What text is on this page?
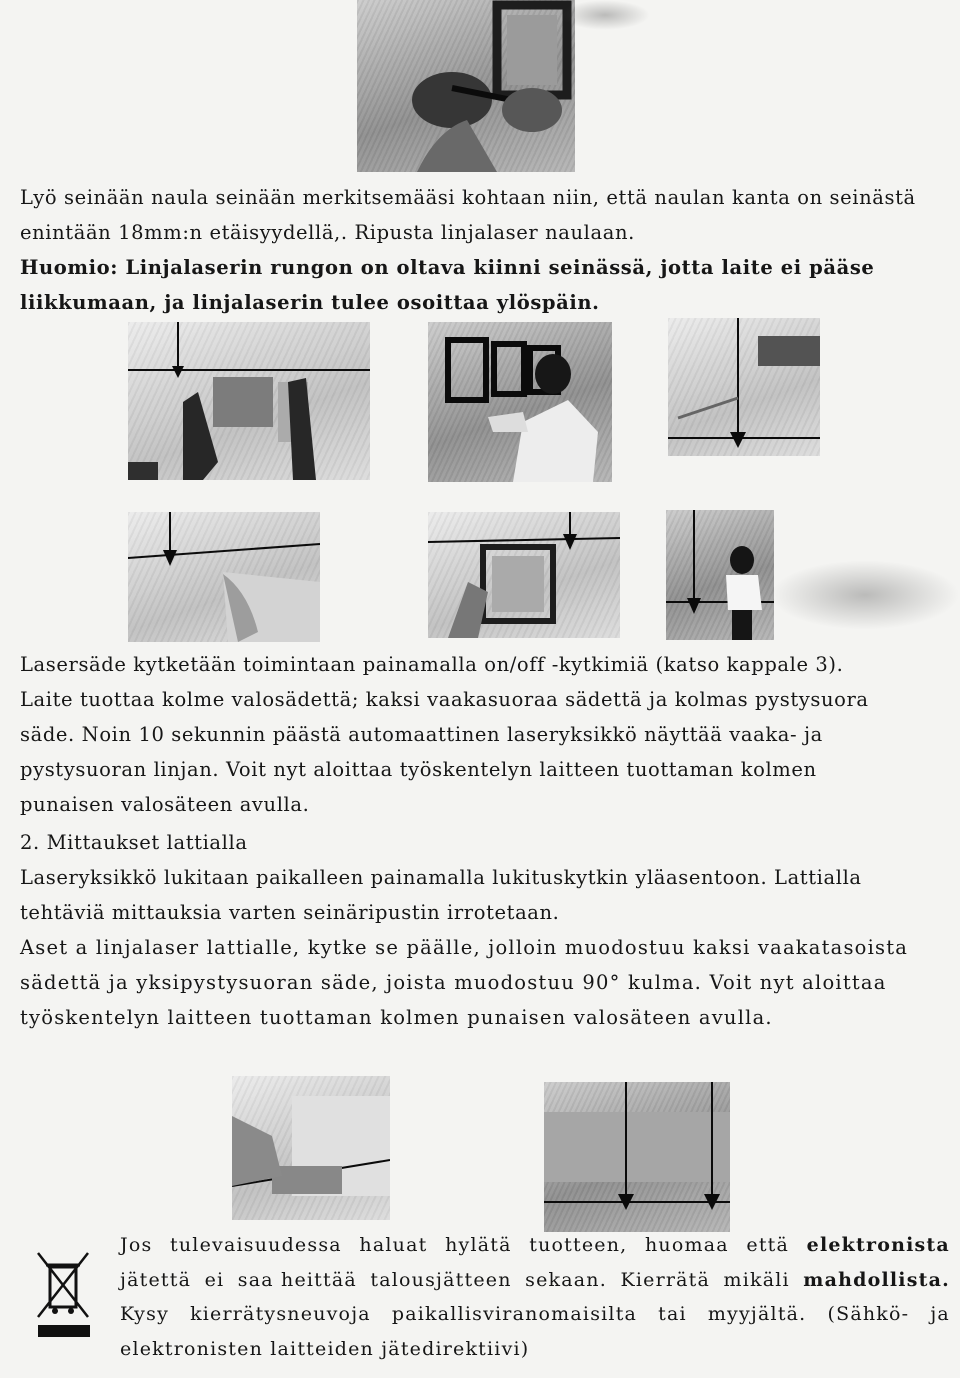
Lyö seinään naula seinään merkitsemääsi kohtaan niin, että naulan kanta on seinästä

enintään 18mm:n etäisyydellä,. Ripusta linjalaser naulaan.

Huomio: Linjalaserin rungon on oltava kiinni seinässä, jotta laite ei pääse

liikkumaan, ja linjalaserin tulee osoittaa ylöspäin.

Lasersäde kytketään toimintaan painamalla on/off -kytkimiä (katso kappale 3).

Laite tuottaa kolme valosädettä; kaksi vaakasuoraa sädettä ja kolmas pystysuora

säde. Noin 10 sekunnin päästä automaattinen laseryksikkö näyttää vaaka- ja

pystysuoran linjan. Voit nyt aloittaa työskentelyn laitteen tuottaman kolmen

punaisen valosäteen avulla.

2. Mittaukset lattialla

Laseryksikkö lukitaan paikalleen painamalla lukituskytkin yläasentoon. Lattialla

tehtäviä mittauksia varten seinäripustin irrotetaan.

Aset a linjalaser lattialle, kytke se päälle, jolloin muodostuu kaksi vaakatasoista

sädettä ja yksipystysuoran säde, joista muodostuu 90° kulma. Voit nyt aloittaa

työskentelyn laitteen tuottaman kolmen punaisen valosäteen avulla.

Jos tulevaisuudessa haluat hylätä tuotteen, huomaa että elektronista
jätettä ei saa heittää talousjätteen sekaan. Kierrätä mikäli mahdollista.
Kysy kierrätysneuvoja paikallisviranomaisilta tai myyjältä. (Sähkö- ja
elektronisten laitteiden jätedirektiivi)
